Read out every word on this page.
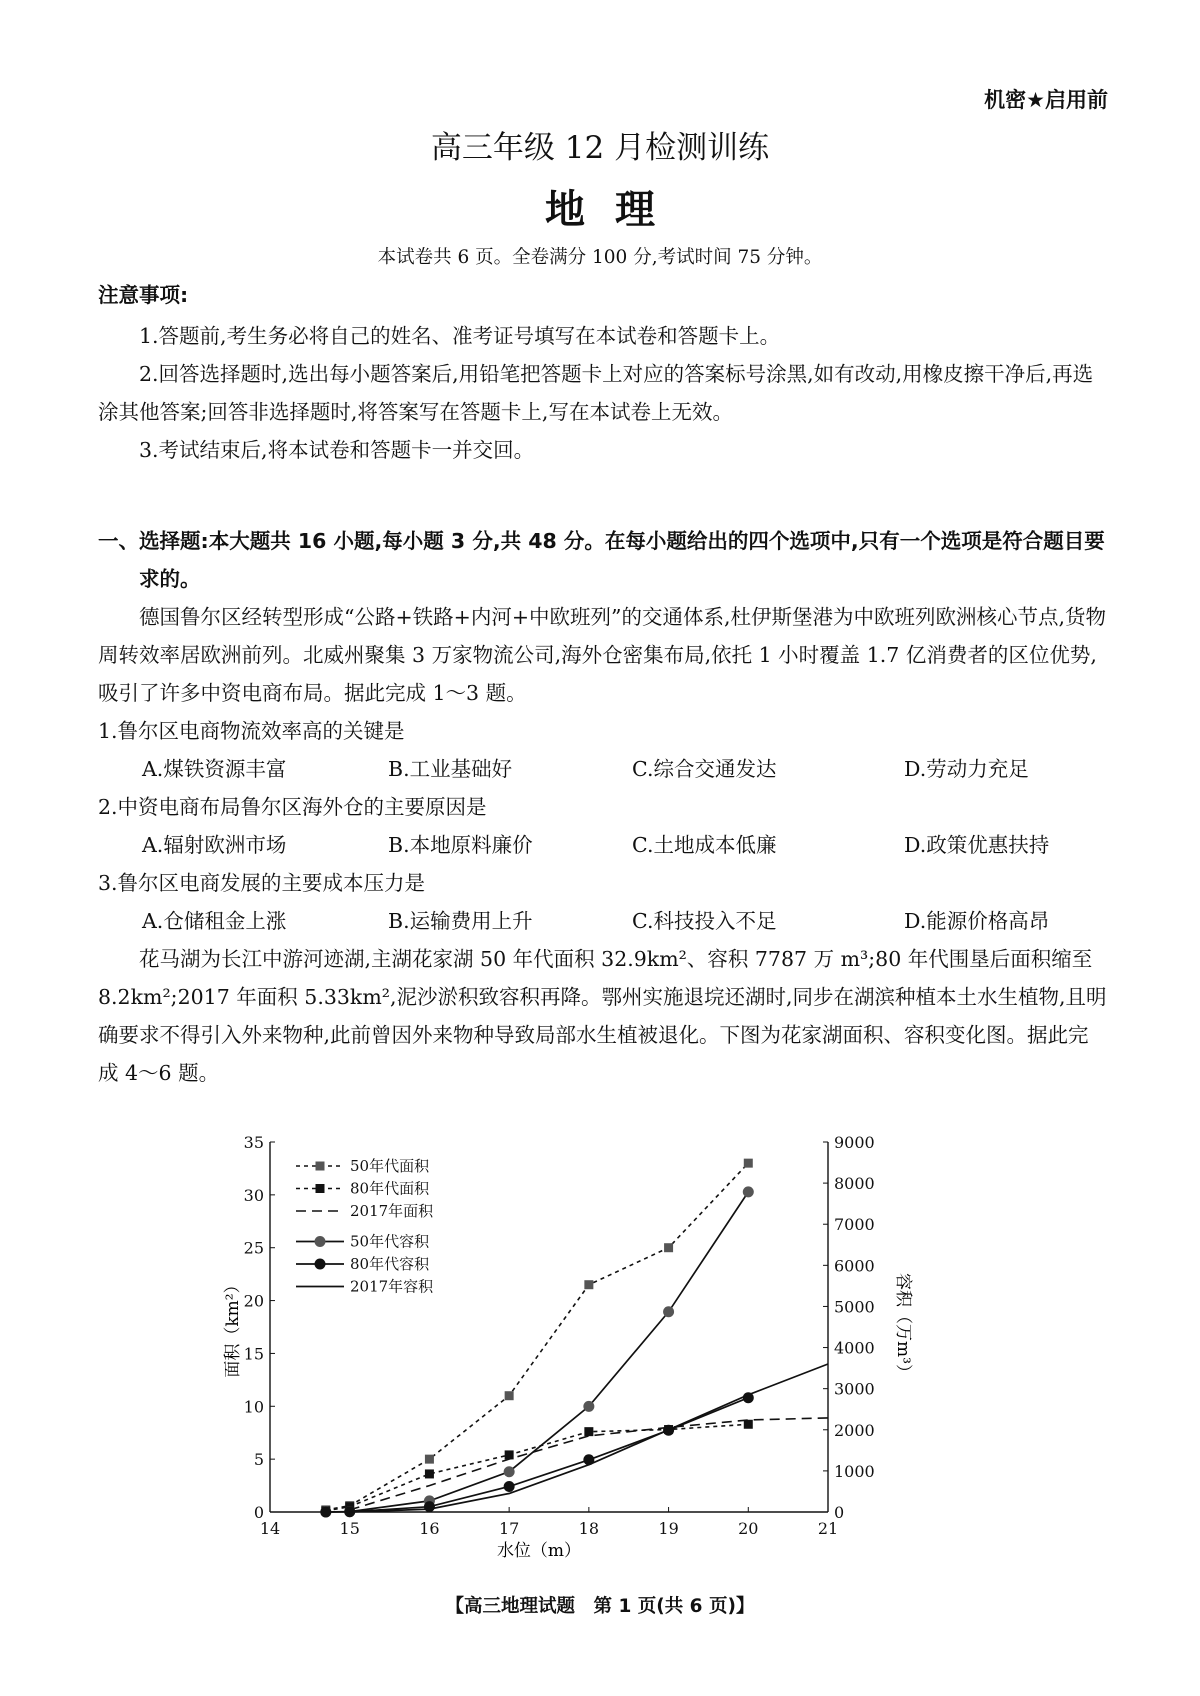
机密★启用前
高三年级 12 月检测训练
地理
本试卷共 6 页。全卷满分 100 分,考试时间 75 分钟。
注意事项:
1.答题前,考生务必将自己的姓名、准考证号填写在本试卷和答题卡上。
2.回答选择题时,选出每小题答案后,用铅笔把答题卡上对应的答案标号涂黑,如有改动,用橡皮擦干净后,再选涂其他答案;回答非选择题时,将答案写在答题卡上,写在本试卷上无效。
3.考试结束后,将本试卷和答题卡一并交回。
一、选择题:本大题共 16 小题,每小题 3 分,共 48 分。在每小题给出的四个选项中,只有一个选项是符合题目要求的。
德国鲁尔区经转型形成“公路+铁路+内河+中欧班列”的交通体系,杜伊斯堡港为中欧班列欧洲核心节点,货物周转效率居欧洲前列。北威州聚集 3 万家物流公司,海外仓密集布局,依托 1 小时覆盖 1.7 亿消费者的区位优势,吸引了许多中资电商布局。据此完成 1～3 题。
1.鲁尔区电商物流效率高的关键是
A.煤铁资源丰富	B.工业基础好	C.综合交通发达	D.劳动力充足
2.中资电商布局鲁尔区海外仓的主要原因是
A.辐射欧洲市场	B.本地原料廉价	C.土地成本低廉	D.政策优惠扶持
3.鲁尔区电商发展的主要成本压力是
A.仓储租金上涨	B.运输费用上升	C.科技投入不足	D.能源价格高昂
花马湖为长江中游河迹湖,主湖花家湖 50 年代面积 32.9km²、容积 7787 万 m³;80 年代围垦后面积缩至 8.2km²;2017 年面积 5.33km²,泥沙淤积致容积再降。鄂州实施退垸还湖时,同步在湖滨种植本土水生植物,且明确要求不得引入外来物种,此前曾因外来物种导致局部水生植被退化。下图为花家湖面积、容积变化图。据此完成 4～6 题。
14	15	16	17	18	19	20	21
0
5
10
15
20
25
30
35
0
1000
2000
3000
4000
5000
6000
7000
8000
9000
50年代面积
80年代面积
2017年面积
50年代容积
80年代容积
2017年容积
水位（m）
面积（km²）	容积（万m³）
【高三地理试题　第 1 页(共 6 页)】
